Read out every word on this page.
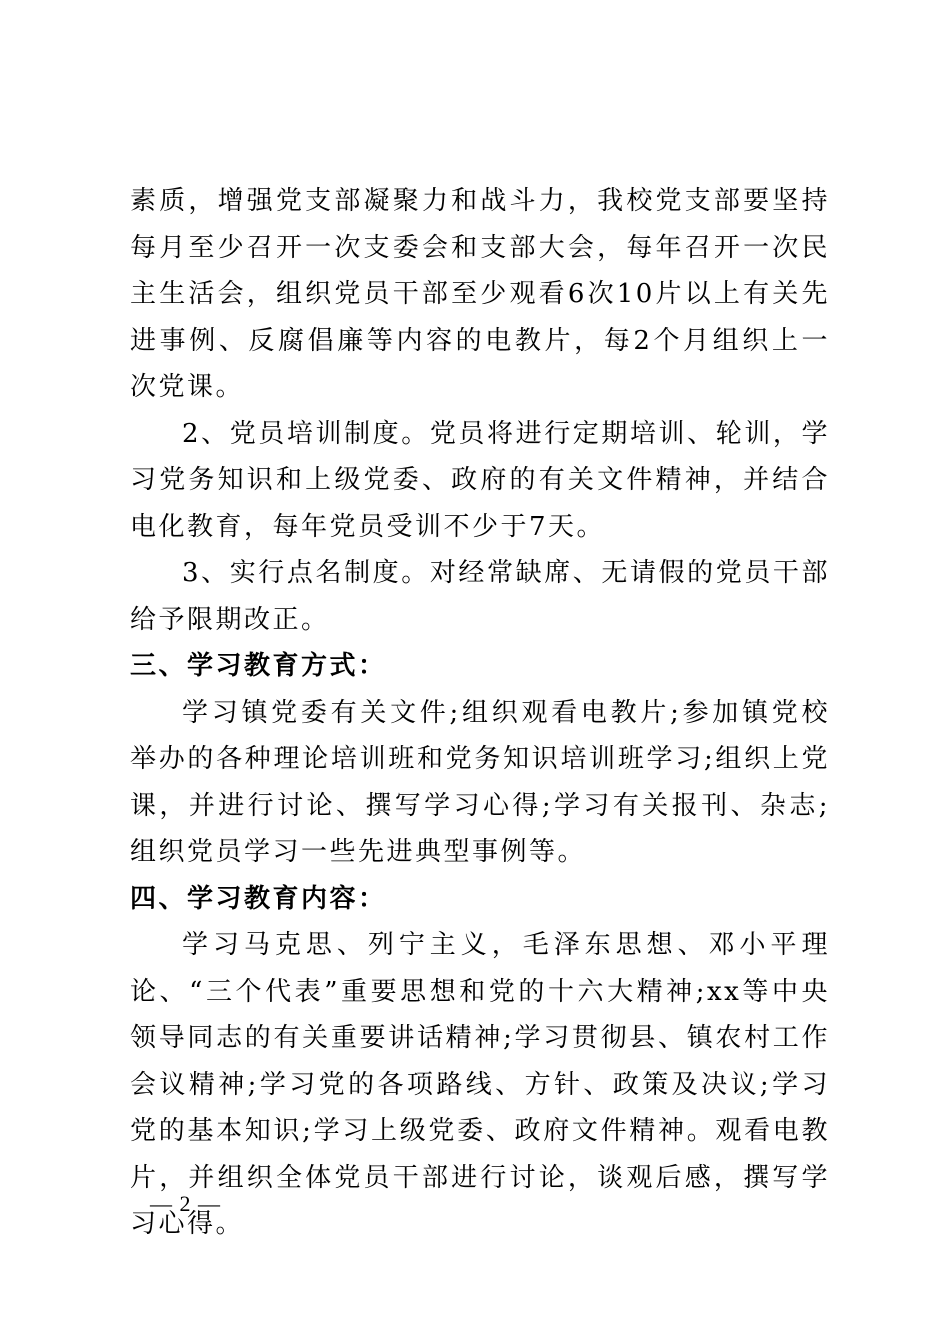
素质，增强党支部凝聚力和战斗力，我校党支部要坚持每月至少召开一次支委会和支部大会，每年召开一次民主生活会，组织党员干部至少观看6次10片以上有关先进事例、反腐倡廉等内容的电教片，每2个月组织上一次党课。

2、党员培训制度。党员将进行定期培训、轮训，学习党务知识和上级党委、政府的有关文件精神，并结合电化教育，每年党员受训不少于7天。

3、实行点名制度。对经常缺席、无请假的党员干部给予限期改正。

三、学习教育方式：

学习镇党委有关文件;组织观看电教片;参加镇党校举办的各种理论培训班和党务知识培训班学习;组织上党课，并进行讨论、撰写学习心得;学习有关报刊、杂志;组织党员学习一些先进典型事例等。

四、学习教育内容：

学习马克思、列宁主义，毛泽东思想、邓小平理论、“三个代表”重要思想和党的十六大精神;xx等中央领导同志的有关重要讲话精神;学习贯彻县、镇农村工作会议精神;学习党的各项路线、方针、政策及决议;学习党的基本知识;学习上级党委、政府文件精神。观看电教片，并组织全体党员干部进行讨论，谈观后感，撰写学习心得。

— 2 —
